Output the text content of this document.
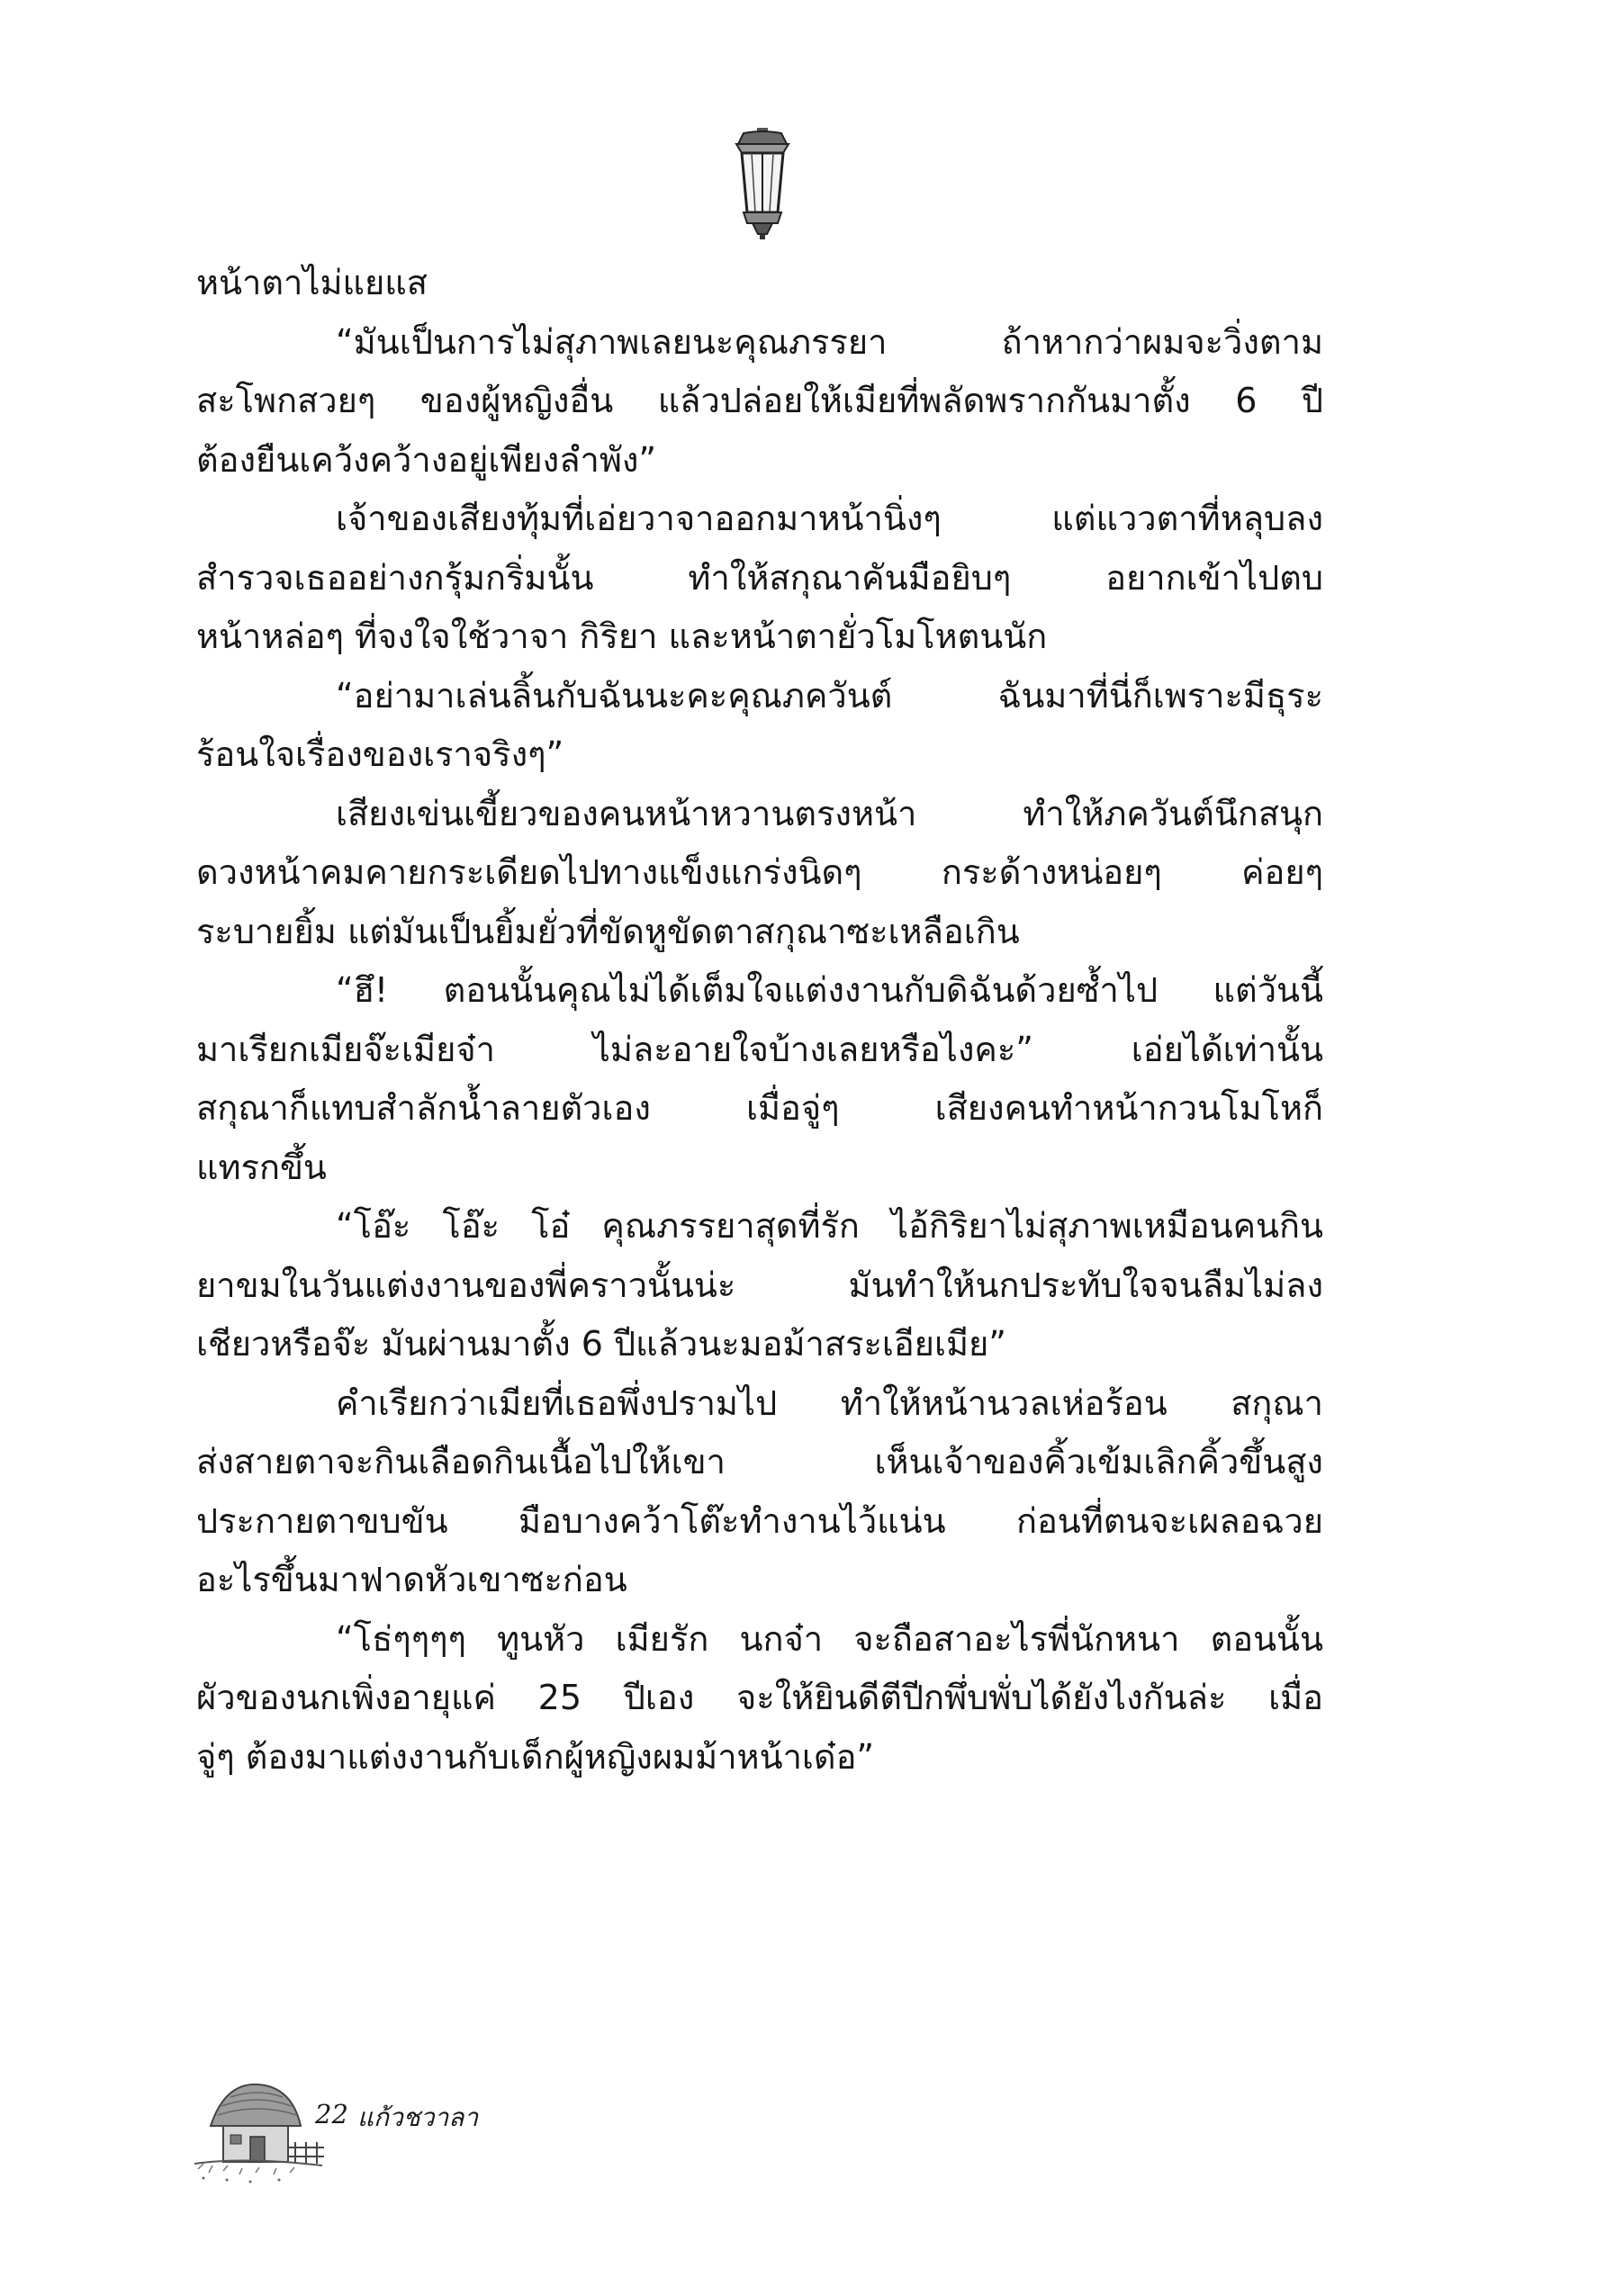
หน้าตาไม่แยแส
“มันเป็นการไม่สุภาพเลยนะคุณภรรยา ถ้าหากว่าผมจะวิ่งตาม
สะโพกสวยๆ ของผู้หญิงอื่น แล้วปล่อยให้เมียที่พลัดพรากกันมาตั้ง 6 ปี
ต้องยืนเคว้งคว้างอยู่เพียงลำพัง”
เจ้าของเสียงทุ้มที่เอ่ยวาจาออกมาหน้านิ่งๆ แต่แววตาที่หลุบลง
สำรวจเธออย่างกรุ้มกริ่มนั้น ทำให้สกุณาคันมือยิบๆ อยากเข้าไปตบ
หน้าหล่อๆ ที่จงใจใช้วาจา กิริยา และหน้าตายั่วโมโหตนนัก
“อย่ามาเล่นลิ้นกับฉันนะคะคุณภควันต์ ฉันมาที่นี่ก็เพราะมีธุระ
ร้อนใจเรื่องของเราจริงๆ”
เสียงเข่นเขี้ยวของคนหน้าหวานตรงหน้า ทำให้ภควันต์นึกสนุก
ดวงหน้าคมคายกระเดียดไปทางแข็งแกร่งนิดๆ กระด้างหน่อยๆ ค่อยๆ
ระบายยิ้ม แต่มันเป็นยิ้มยั่วที่ขัดหูขัดตาสกุณาซะเหลือเกิน
“ฮึ! ตอนนั้นคุณไม่ได้เต็มใจแต่งงานกับดิฉันด้วยซ้ำไป แต่วันนี้
มาเรียกเมียจ๊ะเมียจ๋า ไม่ละอายใจบ้างเลยหรือไงคะ” เอ่ยได้เท่านั้น
สกุณาก็แทบสำลักน้ำลายตัวเอง เมื่อจู่ๆ เสียงคนทำหน้ากวนโมโหก็
แทรกขึ้น
“โอ๊ะ โอ๊ะ โอ๋ คุณภรรยาสุดที่รัก ไอ้กิริยาไม่สุภาพเหมือนคนกิน
ยาขมในวันแต่งงานของพี่คราวนั้นน่ะ มันทำให้นกประทับใจจนลืมไม่ลง
เชียวหรือจ๊ะ มันผ่านมาตั้ง 6 ปีแล้วนะมอม้าสระเอียเมีย”
คำเรียกว่าเมียที่เธอพึ่งปรามไป ทำให้หน้านวลเห่อร้อน สกุณา
ส่งสายตาจะกินเลือดกินเนื้อไปให้เขา เห็นเจ้าของคิ้วเข้มเลิกคิ้วขึ้นสูง
ประกายตาขบขัน มือบางคว้าโต๊ะทำงานไว้แน่น ก่อนที่ตนจะเผลอฉวย
อะไรขึ้นมาฟาดหัวเขาซะก่อน
“โธ่ๆๆๆๆ ทูนหัว เมียรัก นกจ๋า จะถือสาอะไรพี่นักหนา ตอนนั้น
ผัวของนกเพิ่งอายุแค่ 25 ปีเอง จะให้ยินดีตีปีกพึ่บพั่บได้ยังไงกันล่ะ เมื่อ
จู่ๆ ต้องมาแต่งงานกับเด็กผู้หญิงผมม้าหน้าเด๋อ”
22 แก้วชวาลา
